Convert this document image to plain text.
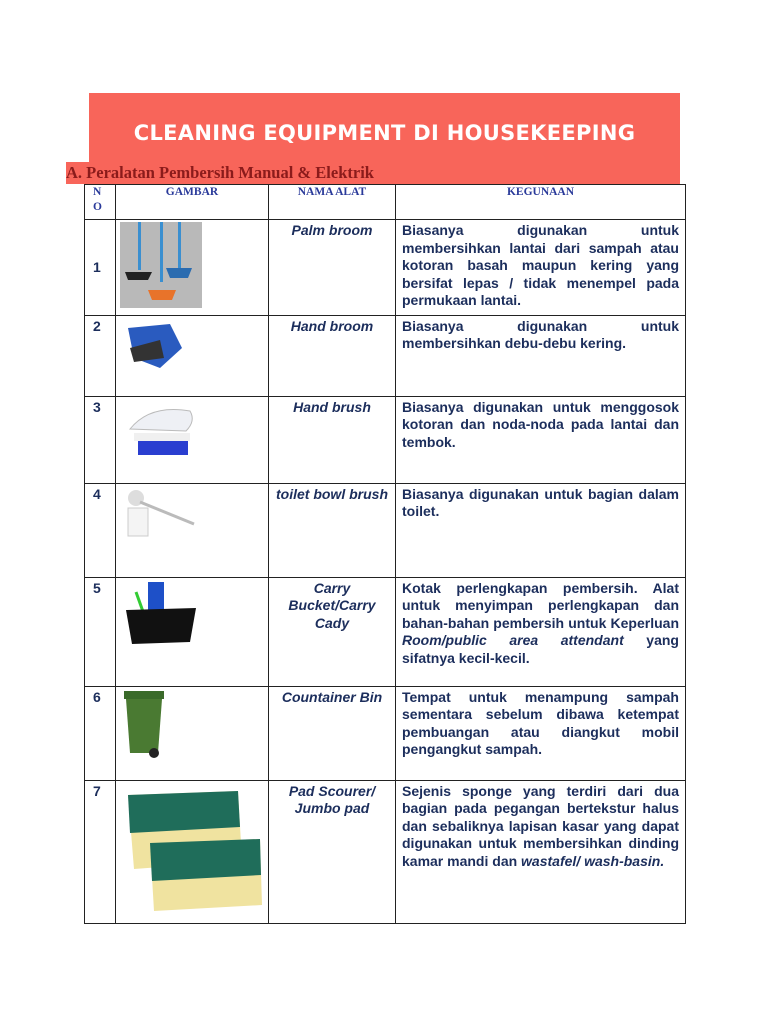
CLEANING EQUIPMENT DI HOUSEKEEPING
A. Peralatan Pembersih Manual & Elektrik
N O	GAMBAR	NAMA ALAT	KEGUNAAN
1		Palm broom	Biasanya digunakan untuk membersihkan lantai dari sampah atau kotoran basah maupun kering yang bersifat lepas / tidak menempel pada permukaan lantai.
2		Hand broom	Biasanya digunakan untuk membersihkan debu-debu kering.
3		Hand brush	Biasanya digunakan untuk menggosok kotoran dan noda-noda pada lantai dan tembok.
4		toilet bowl brush	Biasanya digunakan untuk bagian dalam toilet.
5		Carry Bucket/Carry Cady	Kotak perlengkapan pembersih. Alat untuk menyimpan perlengkapan dan bahan-bahan pembersih untuk Keperluan Room/public area attendant yang sifatnya kecil-kecil.
6		Countainer Bin	Tempat untuk menampung sampah sementara sebelum dibawa ketempat pembuangan atau diangkut mobil pengangkut sampah.
7		Pad Scourer/ Jumbo pad	Sejenis sponge yang terdiri dari dua bagian pada pegangan bertekstur halus dan sebaliknya lapisan kasar yang dapat digunakan untuk membersihkan dinding kamar mandi dan wastafel/ wash-basin.
